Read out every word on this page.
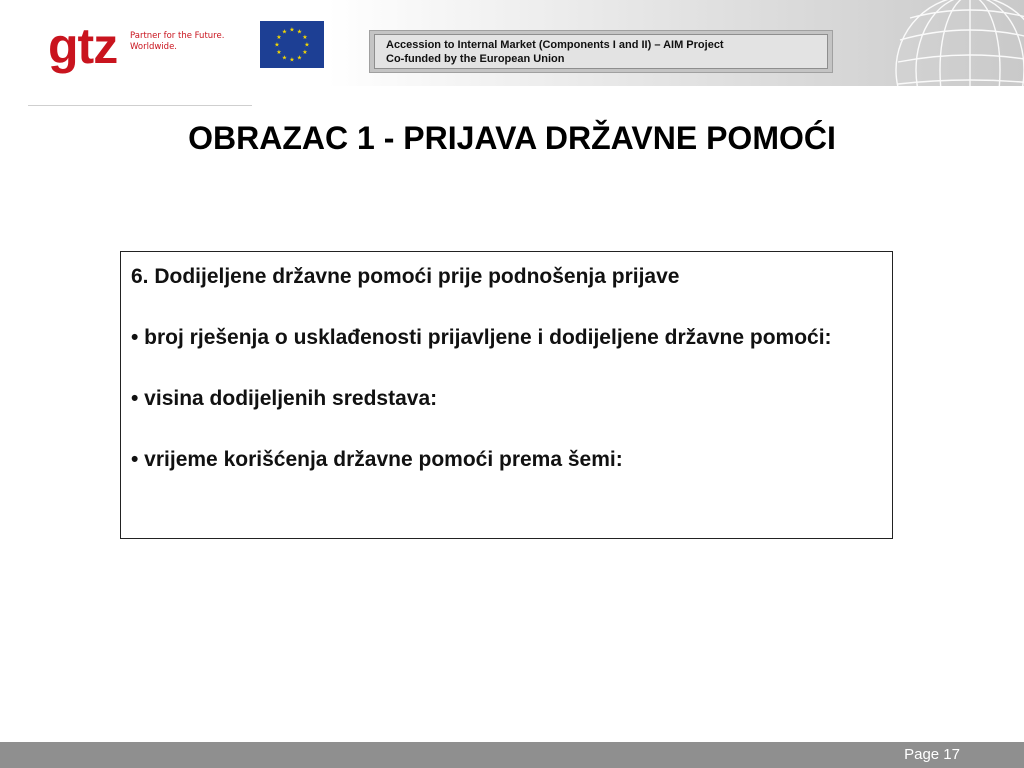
gtz Partner for the Future.
Worldwide.
★ ★
★
★
★
★
★
★
★
★
★
★
Accession to Internal Market (Components I and II) – AIM Project
Co-funded by the European Union
OBRAZAC 1 - PRIJAVA DRŽAVNE POMOĆI

6. Dodijeljene državne pomoći prije podnošenja prijave

• broj rješenja o usklađenosti prijavljene i dodijeljene državne pomoći:

• visina dodijeljenih sredstava:

• vrijeme korišćenja državne pomoći prema šemi:

Page 17
